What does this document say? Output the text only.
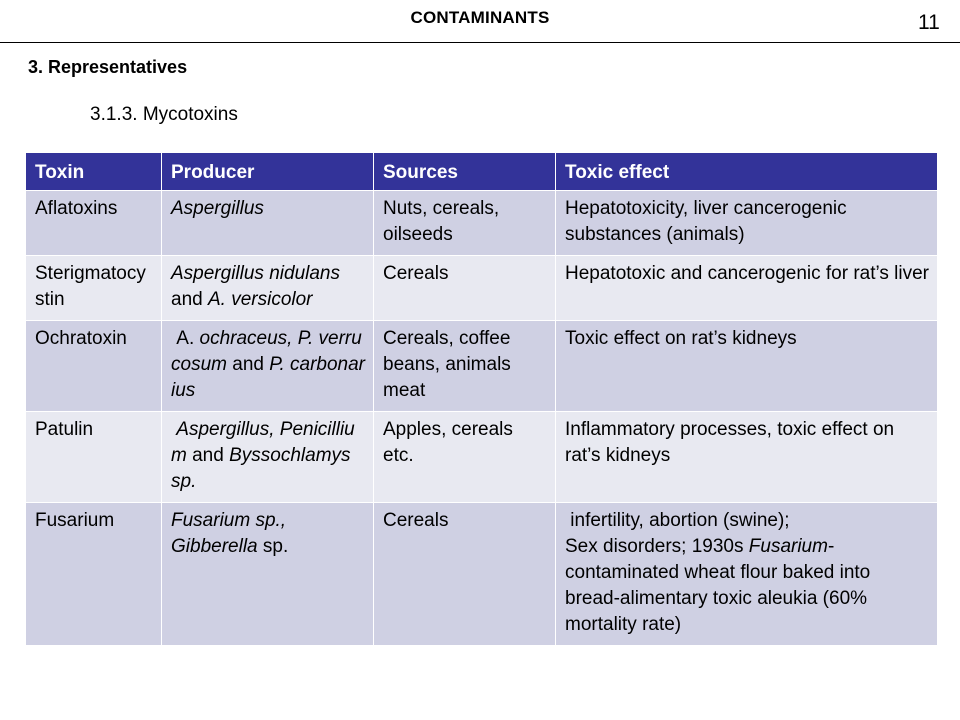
CONTAMINANTS	11
3. Representatives
3.1.3. Mycotoxins
Toxin	Producer	Sources	Toxic effect
Aflatoxins	Aspergillus	Nuts, cereals, oilseeds	Hepatotoxicity, liver cancerogenic substances (animals)
Sterigmatocystin	Aspergillus nidulans and A. versicolor	Cereals	Hepatotoxic and cancerogenic for rat’s liver
Ochratoxin	A. ochraceus, P. verrucosum and P. carbonarius	Cereals, coffee beans, animals meat	Toxic effect on rat’s kidneys
Patulin	Aspergillus, Penicillium and Byssochlamys sp.	Apples, cereals etc.	Inflammatory processes, toxic effect on rat’s kidneys
Fusarium	Fusarium sp., Gibberella sp.	Cereals	infertility, abortion (swine);
Sex disorders; 1930s Fusarium-contaminated wheat flour baked into bread-alimentary toxic aleukia (60% mortality rate)
